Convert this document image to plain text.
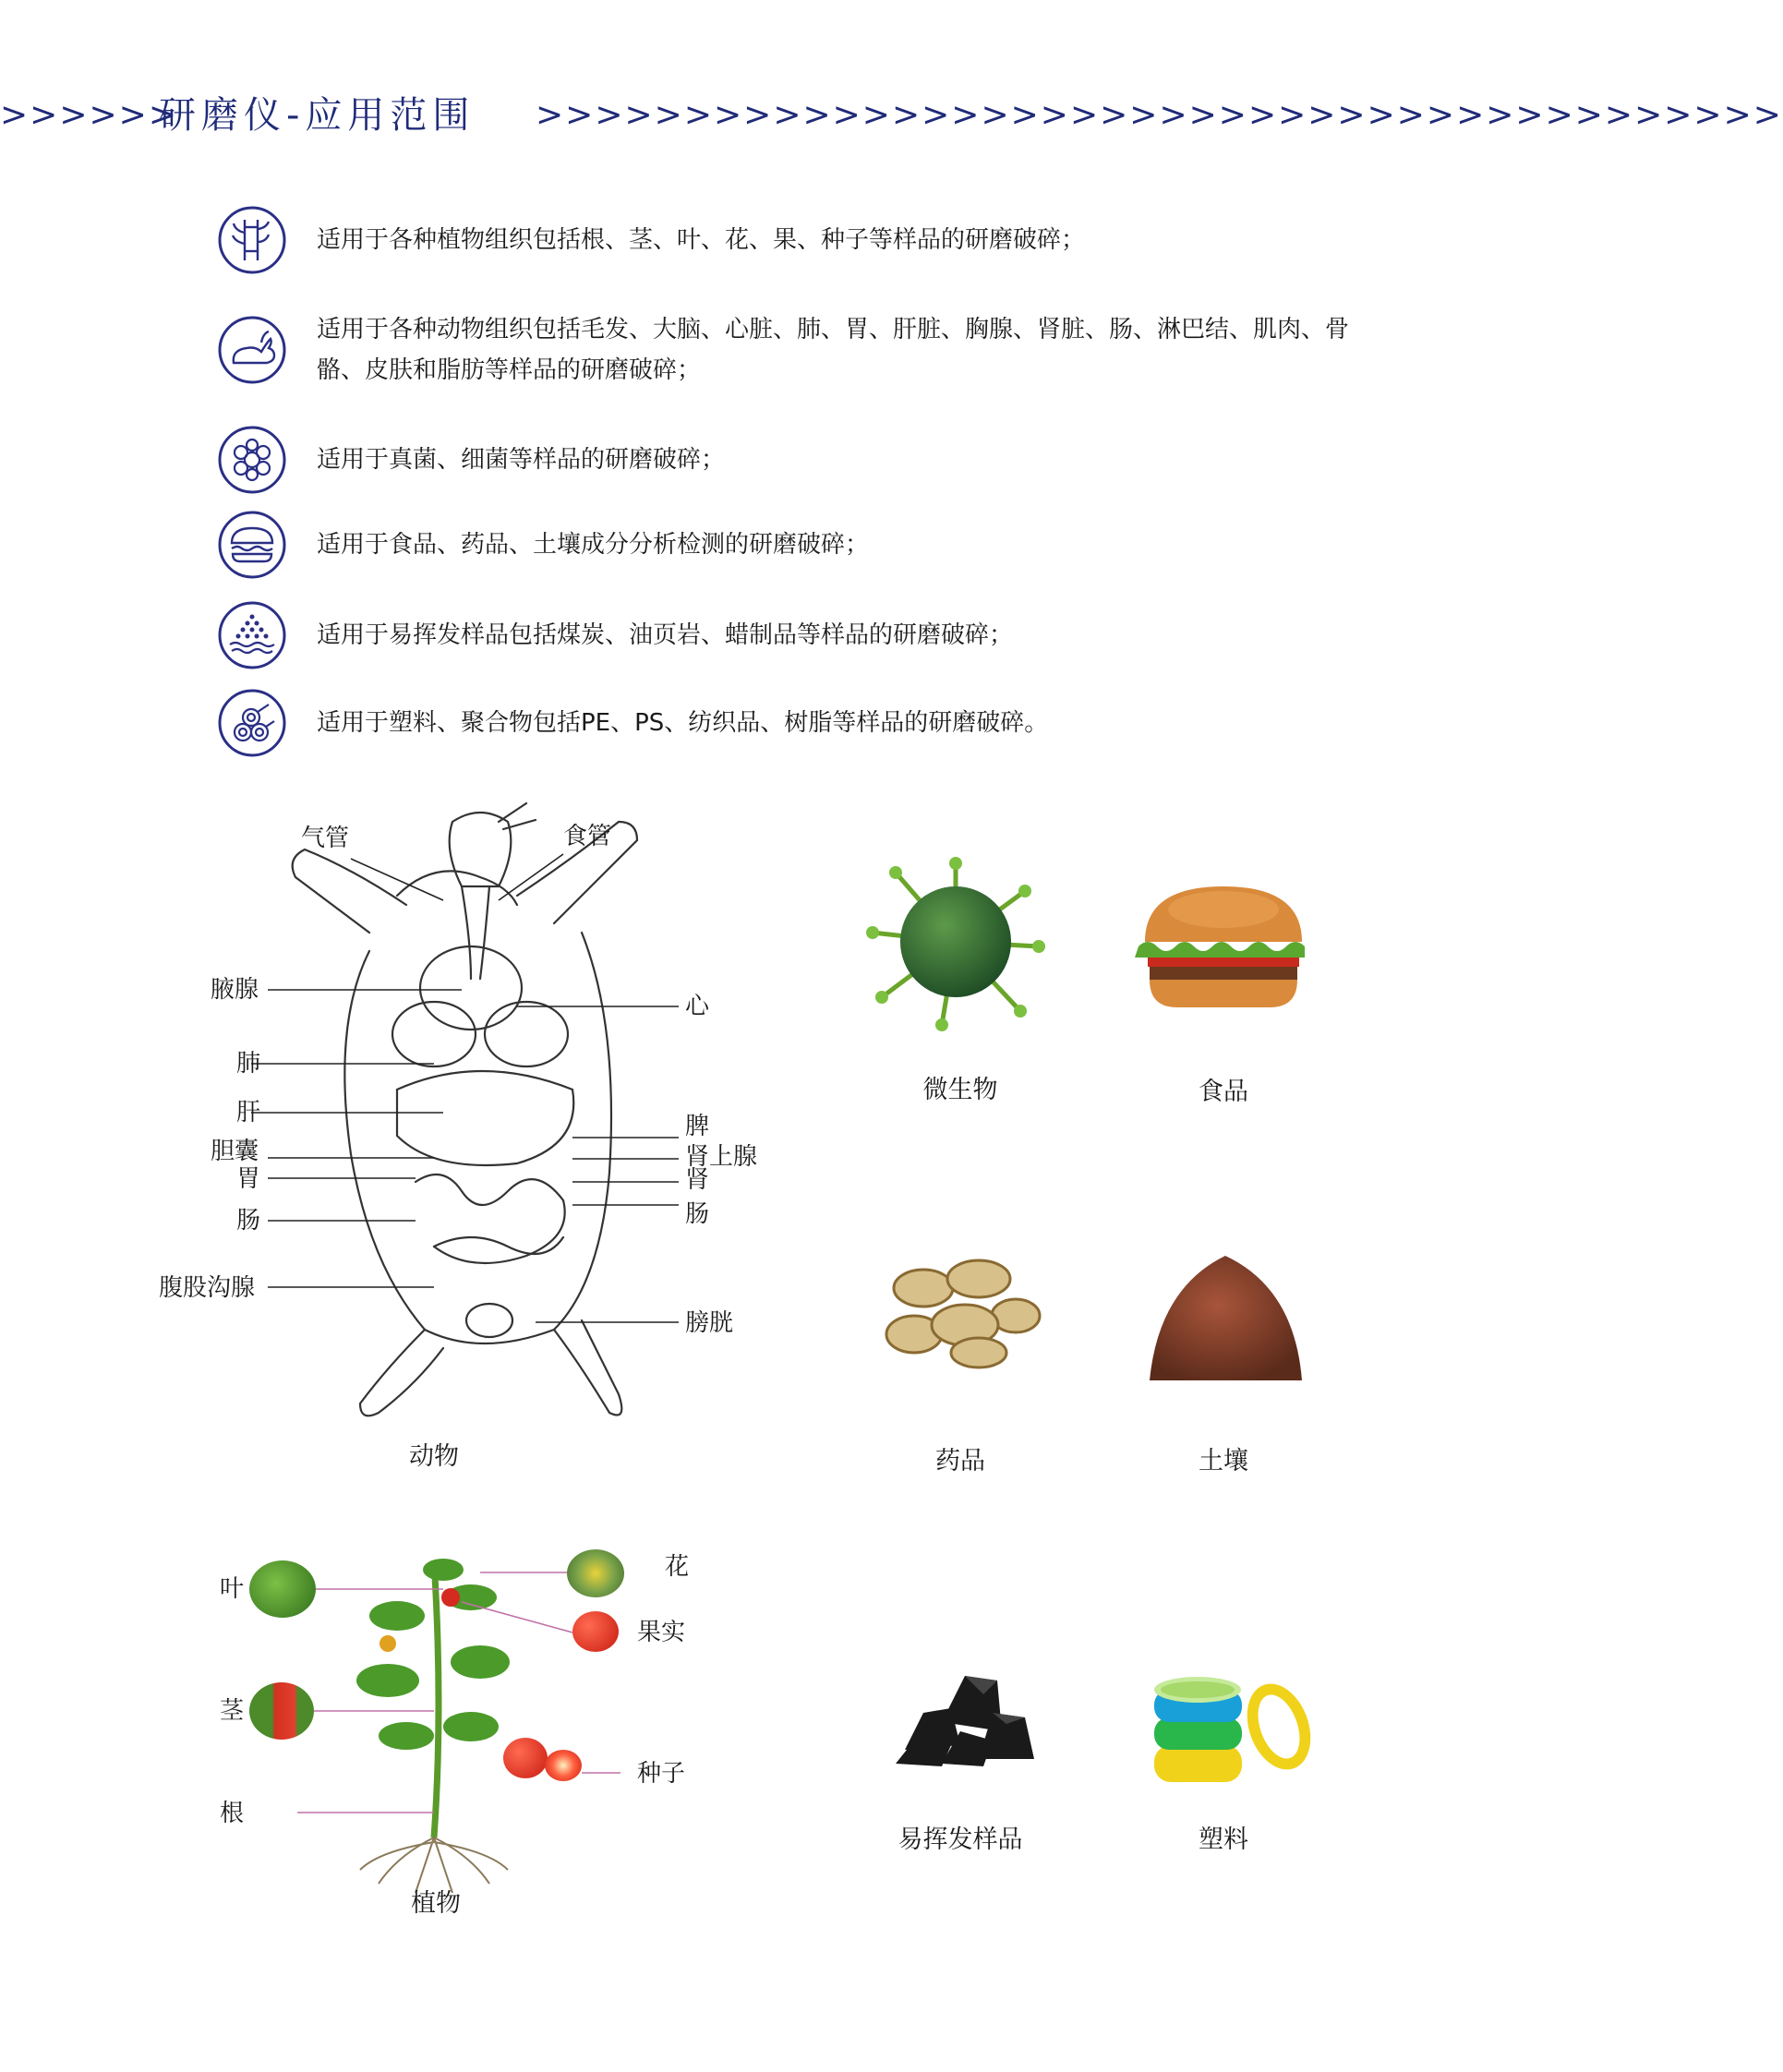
>>>>>>
研磨仪-应用范围 >>>>>>>>>>>>>>>>>>>>>>>>>>>>>>>>>>>>>>>>>>
适用于各种植物组织包括根、茎、叶、花、果、种子等样品的研磨破碎；
适用于各种动物组织包括毛发、大脑、心脏、肺、胃、肝脏、胸腺、肾脏、肠、淋巴结、肌肉、骨骼、皮肤和脂肪等样品的研磨破碎；
适用于真菌、细菌等样品的研磨破碎；
适用于食品、药品、土壤成分分析检测的研磨破碎；
适用于易挥发样品包括煤炭、油页岩、蜡制品等样品的研磨破碎；
适用于塑料、聚合物包括PE、PS、纺织品、树脂等样品的研磨破碎。
腋腺
肺
肝
胆囊
胃
肠
腹股沟腺
气管	食管
心
脾
肾上腺
肾
肠
膀胱
动物
叶
茎
根
花
果实
种子
植物
微生物	食品
药品	土壤
易挥发样品	塑料
